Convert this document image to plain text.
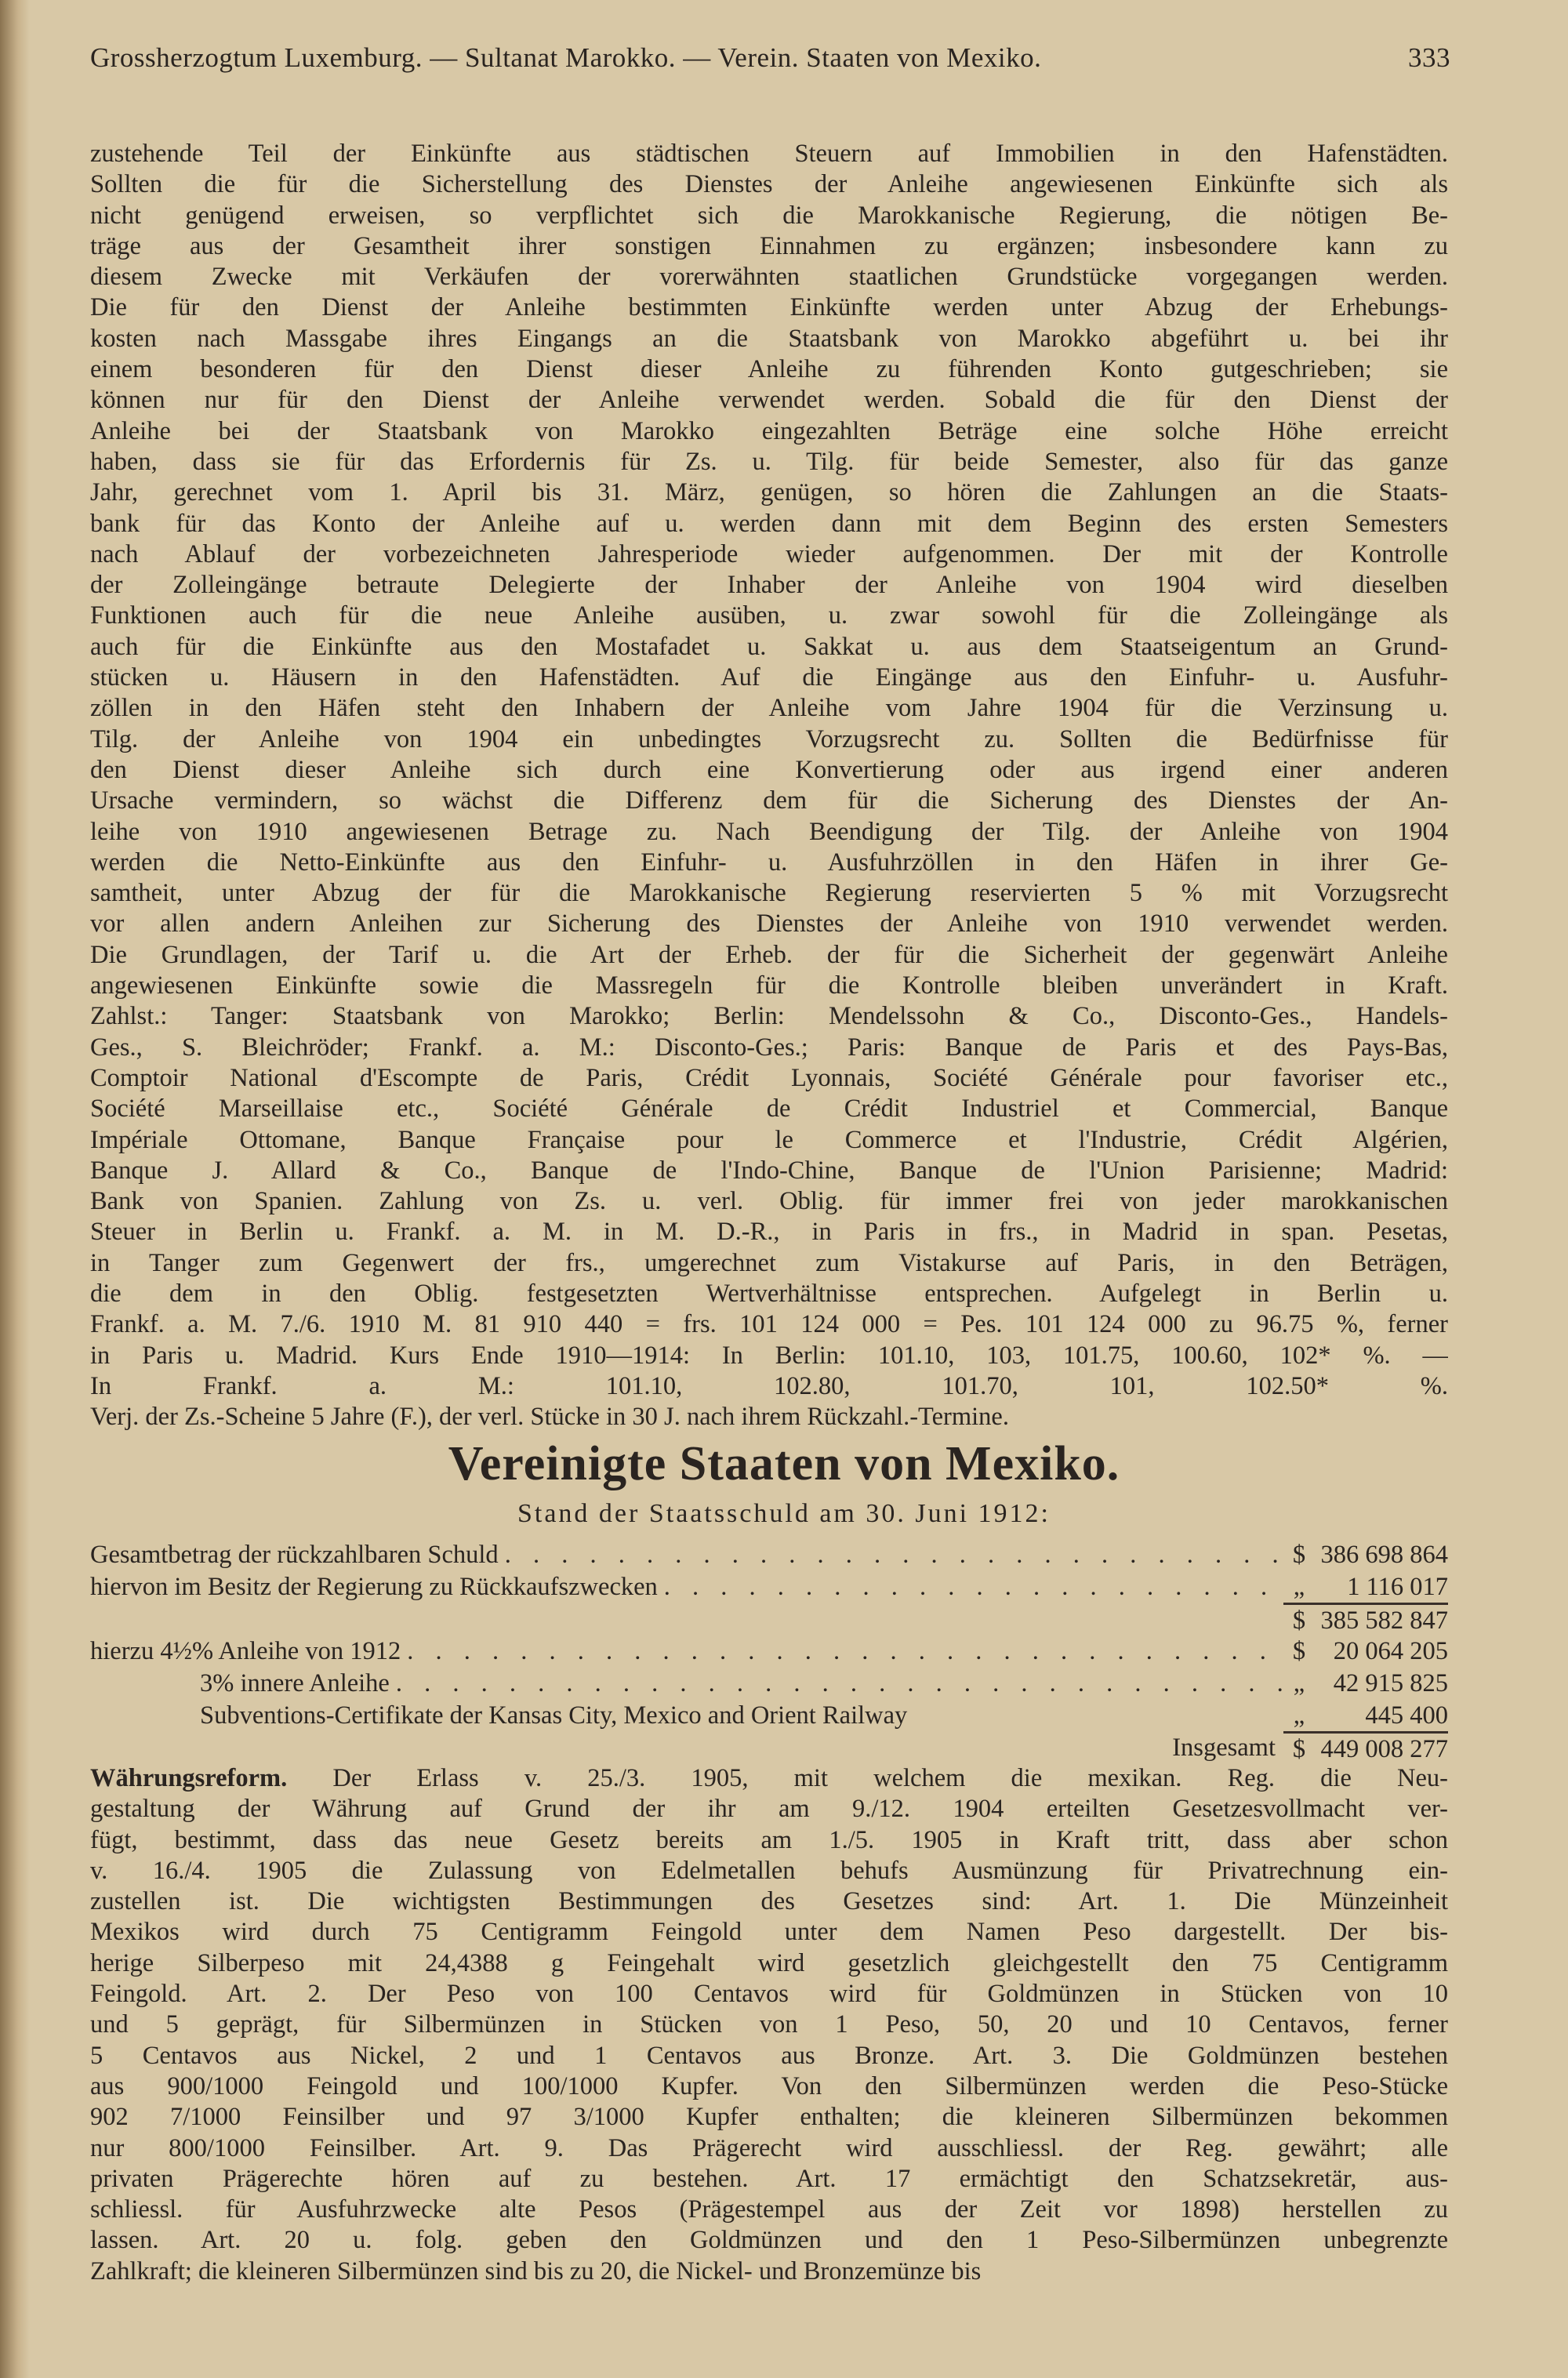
Grossherzogtum Luxemburg. — Sultanat Marokko. — Verein. Staaten von Mexiko.	333
zustehende Teil der Einkünfte aus städtischen Steuern auf Immobilien in den Hafenstädten.
Sollten die für die Sicherstellung des Dienstes der Anleihe angewiesenen Einkünfte sich als
nicht genügend erweisen, so verpflichtet sich die Marokkanische Regierung, die nötigen Be-
träge aus der Gesamtheit ihrer sonstigen Einnahmen zu ergänzen; insbesondere kann zu
diesem Zwecke mit Verkäufen der vorerwähnten staatlichen Grundstücke vorgegangen werden.
Die für den Dienst der Anleihe bestimmten Einkünfte werden unter Abzug der Erhebungs-
kosten nach Massgabe ihres Eingangs an die Staatsbank von Marokko abgeführt u. bei ihr
einem besonderen für den Dienst dieser Anleihe zu führenden Konto gutgeschrieben; sie
können nur für den Dienst der Anleihe verwendet werden. Sobald die für den Dienst der
Anleihe bei der Staatsbank von Marokko eingezahlten Beträge eine solche Höhe erreicht
haben, dass sie für das Erfordernis für Zs. u. Tilg. für beide Semester, also für das ganze
Jahr, gerechnet vom 1. April bis 31. März, genügen, so hören die Zahlungen an die Staats-
bank für das Konto der Anleihe auf u. werden dann mit dem Beginn des ersten Semesters
nach Ablauf der vorbezeichneten Jahresperiode wieder aufgenommen. Der mit der Kontrolle
der Zolleingänge betraute Delegierte der Inhaber der Anleihe von 1904 wird dieselben
Funktionen auch für die neue Anleihe ausüben, u. zwar sowohl für die Zolleingänge als
auch für die Einkünfte aus den Mostafadet u. Sakkat u. aus dem Staatseigentum an Grund-
stücken u. Häusern in den Hafenstädten. Auf die Eingänge aus den Einfuhr- u. Ausfuhr-
zöllen in den Häfen steht den Inhabern der Anleihe vom Jahre 1904 für die Verzinsung u.
Tilg. der Anleihe von 1904 ein unbedingtes Vorzugsrecht zu. Sollten die Bedürfnisse für
den Dienst dieser Anleihe sich durch eine Konvertierung oder aus irgend einer anderen
Ursache vermindern, so wächst die Differenz dem für die Sicherung des Dienstes der An-
leihe von 1910 angewiesenen Betrage zu. Nach Beendigung der Tilg. der Anleihe von 1904
werden die Netto-Einkünfte aus den Einfuhr- u. Ausfuhrzöllen in den Häfen in ihrer Ge-
samtheit, unter Abzug der für die Marokkanische Regierung reservierten 5 % mit Vorzugsrecht
vor allen andern Anleihen zur Sicherung des Dienstes der Anleihe von 1910 verwendet werden.
Die Grundlagen, der Tarif u. die Art der Erheb. der für die Sicherheit der gegenwärt Anleihe
angewiesenen Einkünfte sowie die Massregeln für die Kontrolle bleiben unverändert in Kraft.
Zahlst.: Tanger: Staatsbank von Marokko; Berlin: Mendelssohn & Co., Disconto-Ges., Handels-
Ges., S. Bleichröder; Frankf. a. M.: Disconto-Ges.; Paris: Banque de Paris et des Pays-Bas,
Comptoir National d'Escompte de Paris, Crédit Lyonnais, Société Générale pour favoriser etc.,
Société Marseillaise etc., Société Générale de Crédit Industriel et Commercial, Banque
Impériale Ottomane, Banque Française pour le Commerce et l'Industrie, Crédit Algérien,
Banque J. Allard & Co., Banque de l'Indo-Chine, Banque de l'Union Parisienne; Madrid:
Bank von Spanien. Zahlung von Zs. u. verl. Oblig. für immer frei von jeder marokkanischen
Steuer in Berlin u. Frankf. a. M. in M. D.-R., in Paris in frs., in Madrid in span. Pesetas,
in Tanger zum Gegenwert der frs., umgerechnet zum Vistakurse auf Paris, in den Beträgen,
die dem in den Oblig. festgesetzten Wertverhältnisse entsprechen. Aufgelegt in Berlin u.
Frankf. a. M. 7./6. 1910 M. 81 910 440 = frs. 101 124 000 = Pes. 101 124 000 zu 96.75 %, ferner
in Paris u. Madrid. Kurs Ende 1910—1914: In Berlin: 101.10, 103, 101.75, 100.60, 102* %. —
In Frankf. a. M.: 101.10, 102.80, 101.70, 101, 102.50* %.
Verj. der Zs.-Scheine 5 Jahre (F.), der verl. Stücke in 30 J. nach ihrem Rückzahl.-Termine.
Vereinigte Staaten von Mexiko.
Stand der Staatsschuld am 30. Juni 1912:
Gesamtbetrag der rückzahlbaren Schuld . . .	$ 386 698 864
hiervon im Besitz der Regierung zu Rückkaufszwecken . . .	„	1 116 017
$ 385 582 847
hierzu 4½% Anleihe von 1912 . . .	$	20 064 205
3% innere Anleihe . . .	„	42 915 825
Subventions-Certifikate der Kansas City, Mexico and Orient Railway	„	445 400
Insgesamt $ 449 008 277
Währungsreform. Der Erlass v. 25./3. 1905, mit welchem die mexikan. Reg. die Neu-
gestaltung der Währung auf Grund der ihr am 9./12. 1904 erteilten Gesetzesvollmacht ver-
fügt, bestimmt, dass das neue Gesetz bereits am 1./5. 1905 in Kraft tritt, dass aber schon
v. 16./4. 1905 die Zulassung von Edelmetallen behufs Ausmünzung für Privatrechnung ein-
zustellen ist. Die wichtigsten Bestimmungen des Gesetzes sind: Art. 1. Die Münzeinheit
Mexikos wird durch 75 Centigramm Feingold unter dem Namen Peso dargestellt. Der bis-
herige Silberpeso mit 24,4388 g Feingehalt wird gesetzlich gleichgestellt den 75 Centigramm
Feingold. Art. 2. Der Peso von 100 Centavos wird für Goldmünzen in Stücken von 10
und 5 geprägt, für Silbermünzen in Stücken von 1 Peso, 50, 20 und 10 Centavos, ferner
5 Centavos aus Nickel, 2 und 1 Centavos aus Bronze. Art. 3. Die Goldmünzen bestehen
aus 900/1000 Feingold und 100/1000 Kupfer. Von den Silbermünzen werden die Peso-Stücke
902 7/1000 Feinsilber und 97 3/1000 Kupfer enthalten; die kleineren Silbermünzen bekommen
nur 800/1000 Feinsilber. Art. 9. Das Prägerecht wird ausschliessl. der Reg. gewährt; alle
privaten Prägerechte hören auf zu bestehen. Art. 17 ermächtigt den Schatzsekretär, aus-
schliessl. für Ausfuhrzwecke alte Pesos (Prägestempel aus der Zeit vor 1898) herstellen zu
lassen. Art. 20 u. folg. geben den Goldmünzen und den 1 Peso-Silbermünzen unbegrenzte
Zahlkraft; die kleineren Silbermünzen sind bis zu 20, die Nickel- und Bronzemünze bis
